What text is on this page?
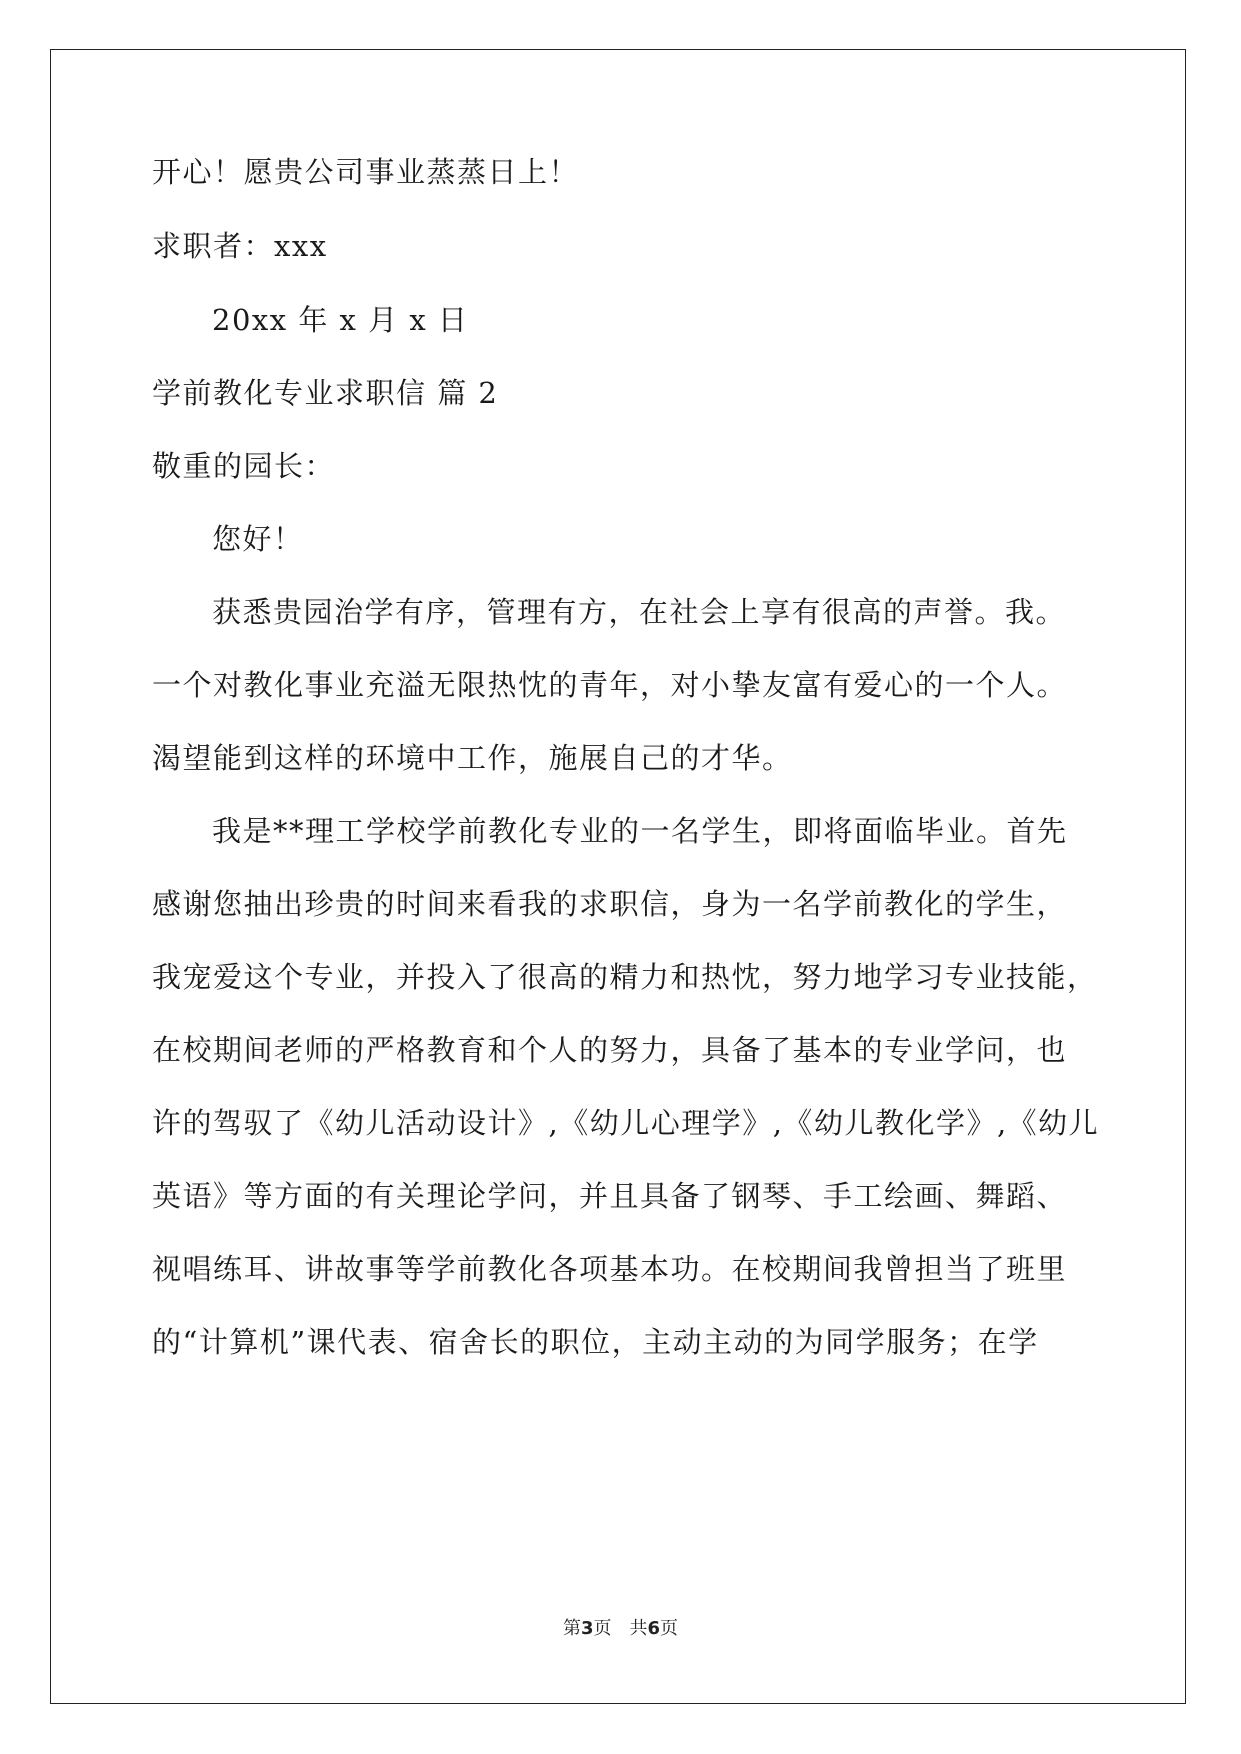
开心！愿贵公司事业蒸蒸日上！
求职者：xxx
20xx 年 x 月 x 日
学前教化专业求职信 篇 2
敬重的园长：
您好！
获悉贵园治学有序，管理有方，在社会上享有很高的声誉。我。
一个对教化事业充溢无限热忱的青年，对小挚友富有爱心的一个人。
渴望能到这样的环境中工作，施展自己的才华。
我是**理工学校学前教化专业的一名学生，即将面临毕业。首先
感谢您抽出珍贵的时间来看我的求职信，身为一名学前教化的学生，
我宠爱这个专业，并投入了很高的精力和热忱，努力地学习专业技能，
在校期间老师的严格教育和个人的努力，具备了基本的专业学问，也
许的驾驭了《幼儿活动设计》,《幼儿心理学》,《幼儿教化学》,《幼儿
英语》等方面的有关理论学问，并且具备了钢琴、手工绘画、舞蹈、
视唱练耳、讲故事等学前教化各项基本功。在校期间我曾担当了班里
的“计算机”课代表、宿舍长的职位，主动主动的为同学服务；在学
第3页　共6页
